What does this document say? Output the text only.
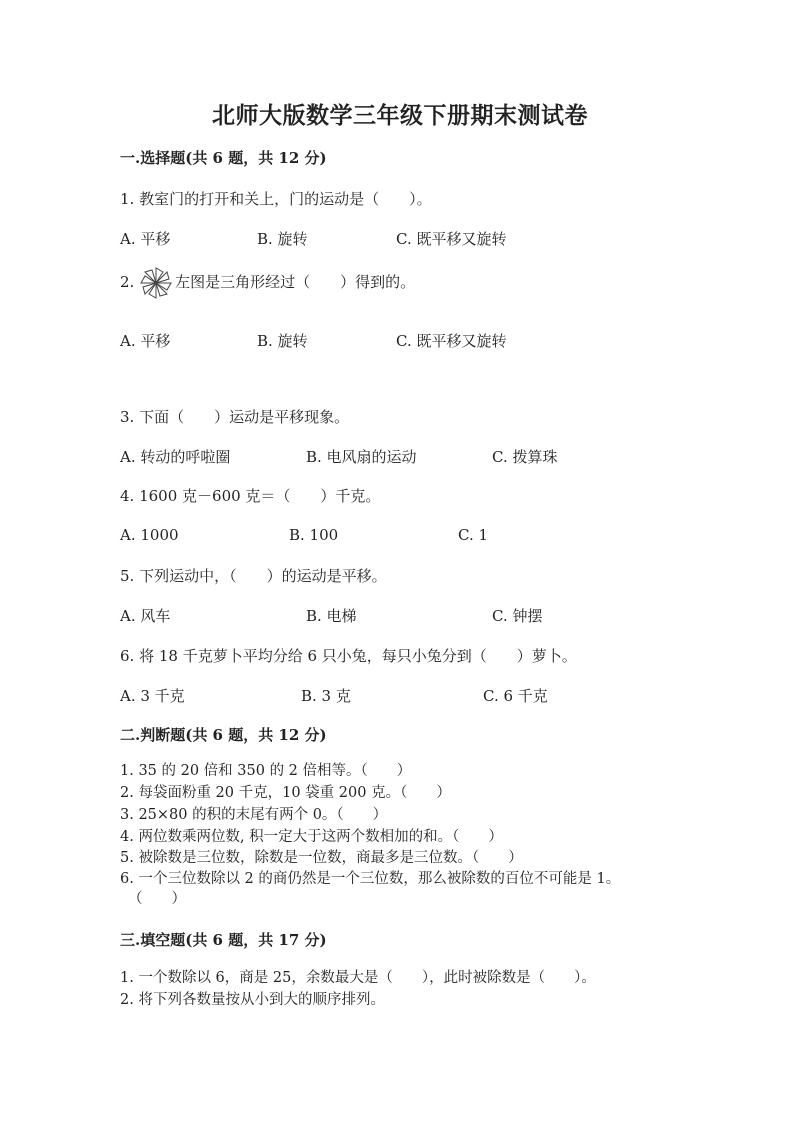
北师大版数学三年级下册期末测试卷
一.选择题(共 6 题，共 12 分)
1. 教室门的打开和关上，门的运动是（　　）。
A. 平移	B. 旋转	C. 既平移又旋转
2.	左图是三角形经过（　　）得到的。
A. 平移	B. 旋转	C. 既平移又旋转
3. 下面（　　）运动是平移现象。
A. 转动的呼啦圈	B. 电风扇的运动	C. 拨算珠
4. 1600 克－600 克＝（　　）千克。
A. 1000	B. 100	C. 1
5. 下列运动中，（　　）的运动是平移。
A. 风车	B. 电梯	C. 钟摆
6. 将 18 千克萝卜平均分给 6 只小兔，每只小兔分到（　　）萝卜。
A. 3 千克	B. 3 克	C. 6 千克
二.判断题(共 6 题，共 12 分)
1. 35 的 20 倍和 350 的 2 倍相等。（　　）
2. 每袋面粉重 20 千克，10 袋重 200 克。（　　）
3. 25×80 的积的末尾有两个 0。（　　）
4. 两位数乘两位数, 积一定大于这两个数相加的和。（　　）
5. 被除数是三位数，除数是一位数，商最多是三位数。（　　）
6. 一个三位数除以 2 的商仍然是一个三位数，那么被除数的百位不可能是 1。
（　　）
三.填空题(共 6 题，共 17 分)
1. 一个数除以 6，商是 25，余数最大是（　　），此时被除数是（　　）。
2. 将下列各数量按从小到大的顺序排列。
